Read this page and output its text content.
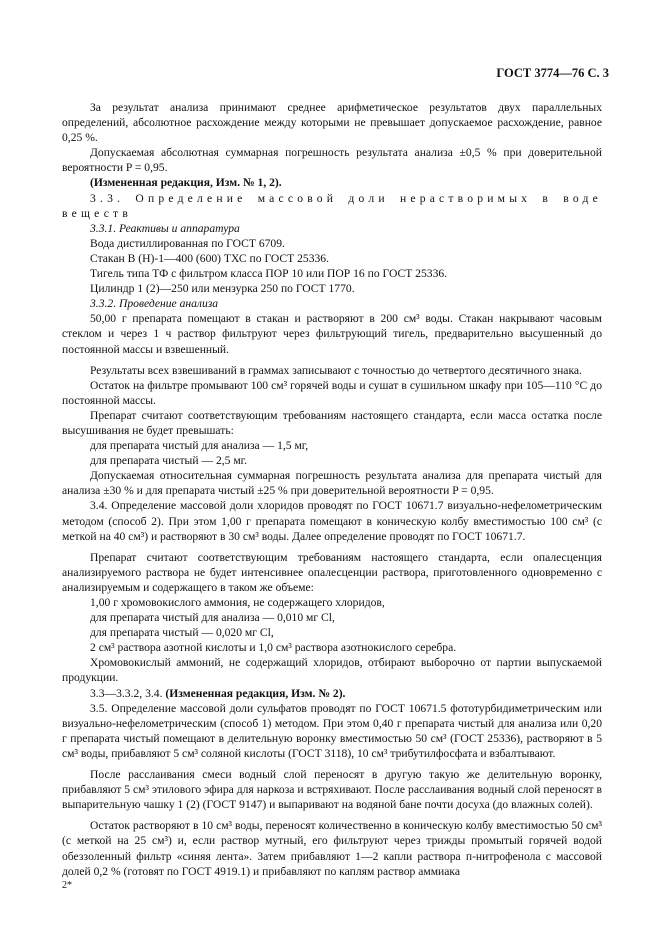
ГОСТ 3774—76 С. 3

За результат анализа принимают среднее арифметическое результатов двух параллельных определений, абсолютное расхождение между которыми не превышает допускаемое расхождение, равное 0,25 %.

Допускаемая абсолютная суммарная погрешность результата анализа ±0,5 % при доверительной вероятности P = 0,95.

(Измененная редакция, Изм. № 1, 2).

3.3. Определение массовой доли нерастворимых в воде веществ

3.3.1. Реактивы и аппаратура

Вода дистиллированная по ГОСТ 6709.

Стакан В (Н)-1—400 (600) ТХС по ГОСТ 25336.

Тигель типа ТФ с фильтром класса ПОР 10 или ПОР 16 по ГОСТ 25336.

Цилиндр 1 (2)—250 или мензурка 250 по ГОСТ 1770.

3.3.2. Проведение анализа

50,00 г препарата помещают в стакан и растворяют в 200 см³ воды. Стакан накрывают часовым стеклом и через 1 ч раствор фильтруют через фильтрующий тигель, предварительно высушенный до постоянной массы и взвешенный.

Результаты всех взвешиваний в граммах записывают с точностью до четвертого десятичного знака.

Остаток на фильтре промывают 100 см³ горячей воды и сушат в сушильном шкафу при 105—110 °С до постоянной массы.

Препарат считают соответствующим требованиям настоящего стандарта, если масса остатка после высушивания не будет превышать:

для препарата чистый для анализа — 1,5 мг,

для препарата чистый — 2,5 мг.

Допускаемая относительная суммарная погрешность результата анализа для препарата чистый для анализа ±30 % и для препарата чистый ±25 % при доверительной вероятности P = 0,95.

3.4. Определение массовой доли хлоридов проводят по ГОСТ 10671.7 визуально-нефелометрическим методом (способ 2). При этом 1,00 г препарата помещают в коническую колбу вместимостью 100 см³ (с меткой на 40 см³) и растворяют в 30 см³ воды. Далее определение проводят по ГОСТ 10671.7.

Препарат считают соответствующим требованиям настоящего стандарта, если опалесценция анализируемого раствора не будет интенсивнее опалесценции раствора, приготовленного одновременно с анализируемым и содержащего в таком же объеме:

1,00 г хромовокислого аммония, не содержащего хлоридов,

для препарата чистый для анализа — 0,010 мг Cl,

для препарата чистый — 0,020 мг Cl,

2 см³ раствора азотной кислоты и 1,0 см³ раствора азотнокислого серебра.

Хромовокислый аммоний, не содержащий хлоридов, отбирают выборочно от партии выпускаемой продукции.

3.3—3.3.2, 3.4. (Измененная редакция, Изм. № 2).

3.5. Определение массовой доли сульфатов проводят по ГОСТ 10671.5 фототурбидиметрическим или визуально-нефелометрическим (способ 1) методом. При этом 0,40 г препарата чистый для анализа или 0,20 г препарата чистый помещают в делительную воронку вместимостью 50 см³ (ГОСТ 25336), растворяют в 5 см³ воды, прибавляют 5 см³ соляной кислоты (ГОСТ 3118), 10 см³ трибутилфосфата и взбалтывают.

После расслаивания смеси водный слой переносят в другую такую же делительную воронку, прибавляют 5 см³ этилового эфира для наркоза и встряхивают. После расслаивания водный слой переносят в выпарительную чашку 1 (2) (ГОСТ 9147) и выпаривают на водяной бане почти досуха (до влажных солей).

Остаток растворяют в 10 см³ воды, переносят количественно в коническую колбу вместимостью 50 см³ (с меткой на 25 см³) и, если раствор мутный, его фильтруют через трижды промытый горячей водой обеззоленный фильтр «синяя лента». Затем прибавляют 1—2 капли раствора п-нитрофенола с массовой долей 0,2 % (готовят по ГОСТ 4919.1) и прибавляют по каплям раствор аммиака

2*
